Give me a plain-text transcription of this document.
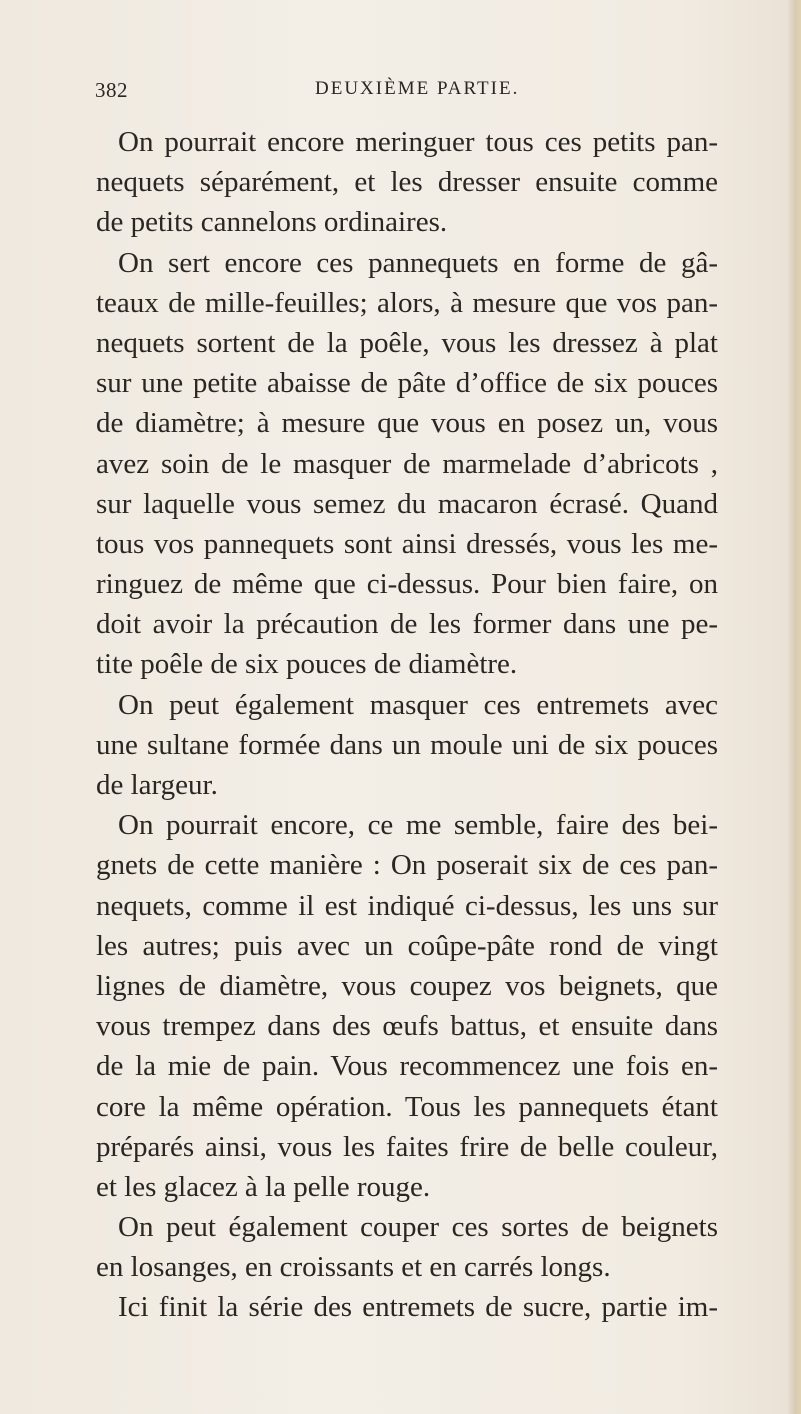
382	DEUXIÈME PARTIE.
On pourrait encore meringuer tous ces petits pan-
nequets séparément, et les dresser ensuite comme
de petits cannelons ordinaires.
On sert encore ces pannequets en forme de gâ-
teaux de mille-feuilles; alors, à mesure que vos pan-
nequets sortent de la poêle, vous les dressez à plat
sur une petite abaisse de pâte d’office de six pouces
de diamètre; à mesure que vous en posez un, vous
avez soin de le masquer de marmelade d’abricots ,
sur laquelle vous semez du macaron écrasé. Quand
tous vos pannequets sont ainsi dressés, vous les me-
ringuez de même que ci-dessus. Pour bien faire, on
doit avoir la précaution de les former dans une pe-
tite poêle de six pouces de diamètre.
On peut également masquer ces entremets avec
une sultane formée dans un moule uni de six pouces
de largeur.
On pourrait encore, ce me semble, faire des bei-
gnets de cette manière : On poserait six de ces pan-
nequets, comme il est indiqué ci-dessus, les uns sur
les autres; puis avec un coûpe-pâte rond de vingt
lignes de diamètre, vous coupez vos beignets, que
vous trempez dans des œufs battus, et ensuite dans
de la mie de pain. Vous recommencez une fois en-
core la même opération. Tous les pannequets étant
préparés ainsi, vous les faites frire de belle couleur,
et les glacez à la pelle rouge.
On peut également couper ces sortes de beignets
en losanges, en croissants et en carrés longs.
Ici finit la série des entremets de sucre, partie im-
